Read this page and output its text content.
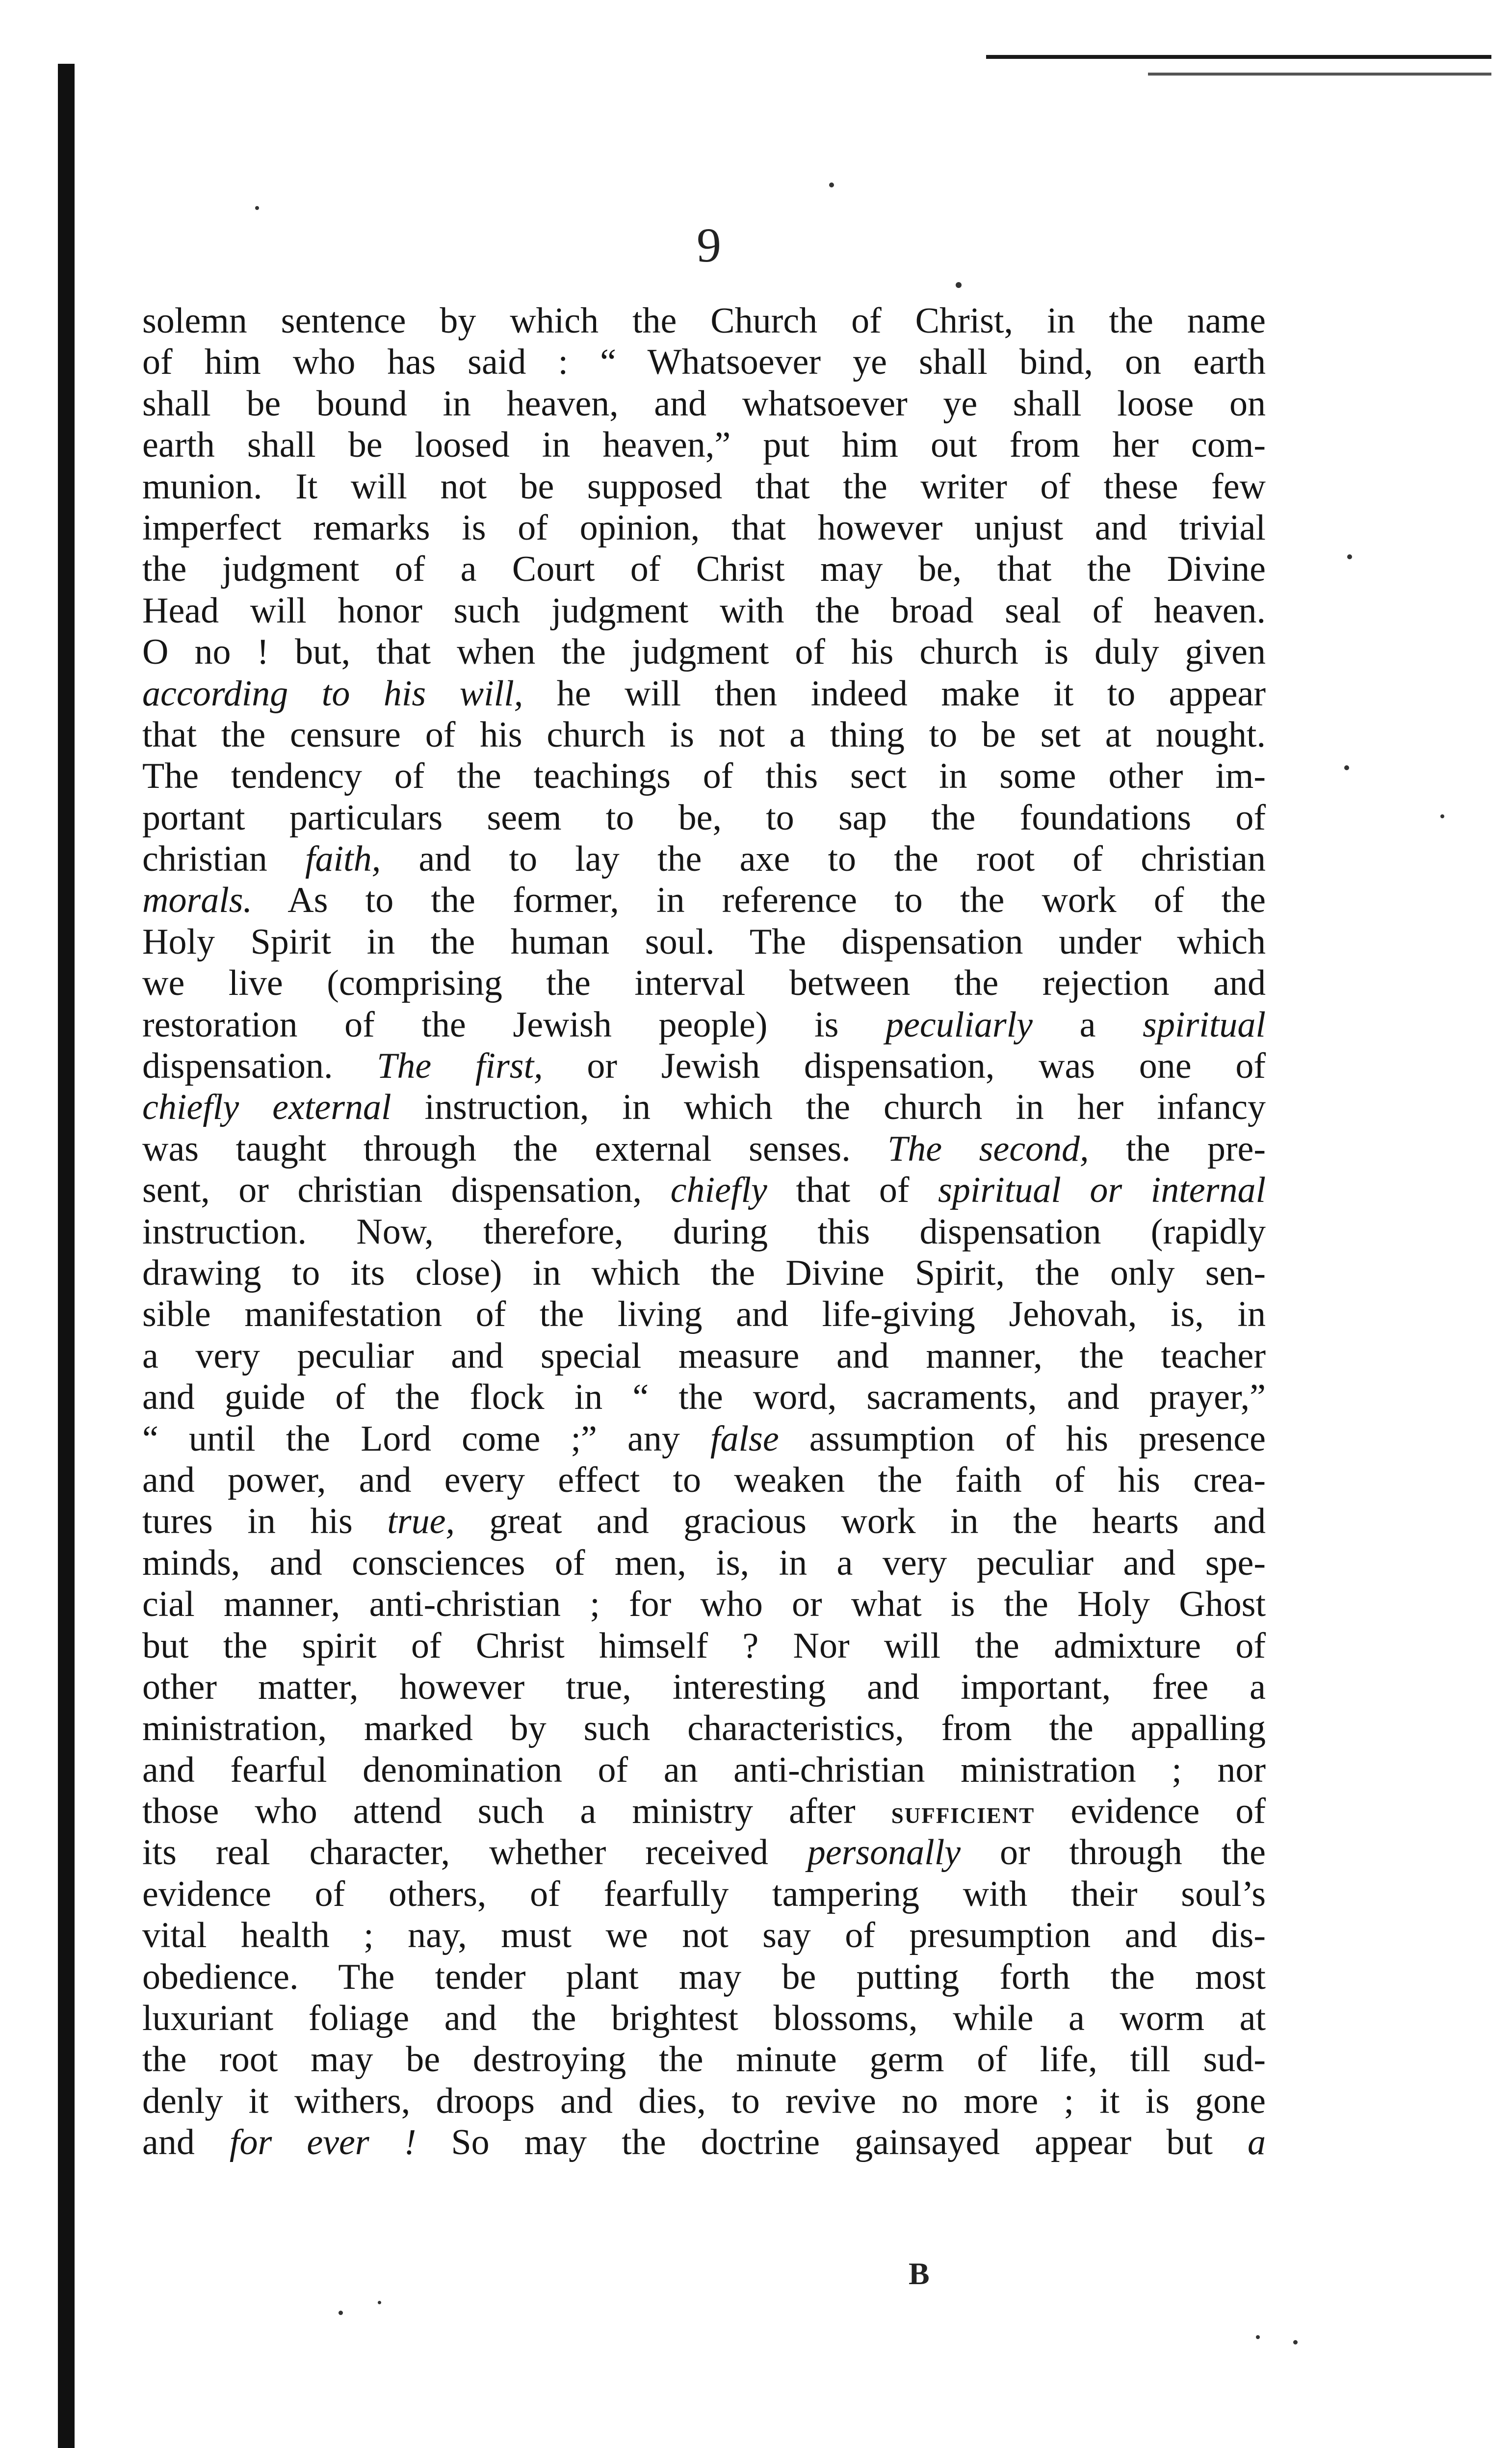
9
solemn sentence by which the Church of Christ, in the name
of him who has said : “ Whatsoever ye shall bind, on earth
shall be bound in heaven, and whatsoever ye shall loose on
earth shall be loosed in heaven,” put him out from her com-
munion. It will not be supposed that the writer of these few
imperfect remarks is of opinion, that however unjust and trivial
the judgment of a Court of Christ may be, that the Divine
Head will honor such judgment with the broad seal of heaven.
O no ! but, that when the judgment of his church is duly given
according to his will, he will then indeed make it to appear
that the censure of his church is not a thing to be set at nought.
The tendency of the teachings of this sect in some other im-
portant particulars seem to be, to sap the foundations of
christian faith, and to lay the axe to the root of christian
morals. As to the former, in reference to the work of the
Holy Spirit in the human soul. The dispensation under which
we live (comprising the interval between the rejection and
restoration of the Jewish people) is peculiarly a spiritual
dispensation. The first, or Jewish dispensation, was one of
chiefly external instruction, in which the church in her infancy
was taught through the external senses. The second, the pre-
sent, or christian dispensation, chiefly that of spiritual or internal
instruction. Now, therefore, during this dispensation (rapidly
drawing to its close) in which the Divine Spirit, the only sen-
sible manifestation of the living and life-giving Jehovah, is, in
a very peculiar and special measure and manner, the teacher
and guide of the flock in “ the word, sacraments, and prayer,”
“ until the Lord come ;” any false assumption of his presence
and power, and every effect to weaken the faith of his crea-
tures in his true, great and gracious work in the hearts and
minds, and consciences of men, is, in a very peculiar and spe-
cial manner, anti-christian ; for who or what is the Holy Ghost
but the spirit of Christ himself ? Nor will the admixture of
other matter, however true, interesting and important, free a
ministration, marked by such characteristics, from the appalling
and fearful denomination of an anti-christian ministration ; nor
those who attend such a ministry after sufficient evidence of
its real character, whether received personally or through the
evidence of others, of fearfully tampering with their soul’s
vital health ; nay, must we not say of presumption and dis-
obedience. The tender plant may be putting forth the most
luxuriant foliage and the brightest blossoms, while a worm at
the root may be destroying the minute germ of life, till sud-
denly it withers, droops and dies, to revive no more ; it is gone
and for ever ! So may the doctrine gainsayed appear but a
B
